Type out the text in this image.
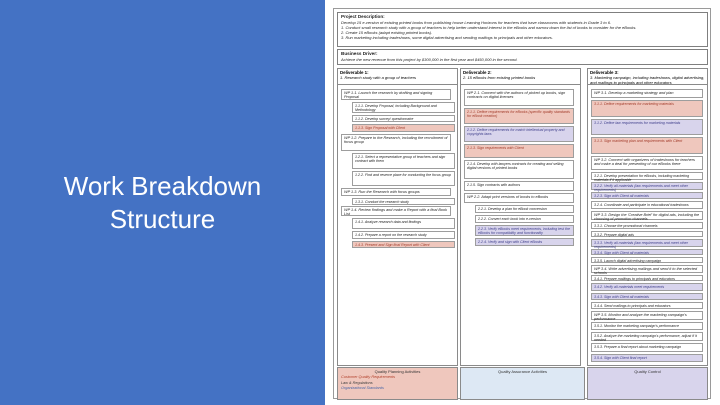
Work Breakdown
Structure
Project Description:
Develop 15 e-version of existing printed books from publishing house Learning Horizons for teachers that have classrooms with students in Grade 3 to 6.
1. Conduct small research study with a group of teachers to help better understand interest in the eBooks and narrow down the list of books to consider for the eBooks.
2. Create 15 eBooks (adapt existing printed books).
3. Run marketing including tradeshows, some digital advertising and sending mailings to principals and other educators.
Business Driver:
Achieve the new revenue from this project by $300,000 in the first year and $450,000 in the second.
Deliverable 1:
1. Research study with a group of teachers
WP 1.1. Launch the research by drafting and signing Proposal
1.1.1. Develop Proposal, including Background and Methodology
1.1.2. Develop survey/ questionnaire
1.1.3. Sign Proposal with Client
WP 1.2. Prepare to the Research, including the recruitment of focus group
1.2.1. Select a representative group of teachers and sign contract with them
1.2.2. Find and reserve place for conducting the focus group
WP 1.3. Run the Research with focus groups
1.3.1. Conduct the research study
WP 1.4. Review findings and make a Report with a final Book List
1.4.1. Analyze research data and findings
1.4.2. Prepare a report on the research study
1.4.3. Present and Sign final Report with Client
Deliverable 2:
2. 15 eBooks from existing printed books
WP 2.1. Connect with the authors of picked up books, sign contracts on digital licenses
2.1.1. Define requirements for eBooks (specific quality standards for eBook creation)
2.1.2. Define requirements for match intellectual property and copyrights laws
2.1.3. Sign requirements with Client
2.1.4. Develop with lawyers contracts for creating and selling digital versions of printed books
2.1.5. Sign contracts with authors
WP 2.2. Adapt print versions of books to eBooks
2.2.1. Develop a plan for eBook conversion
2.2.2. Convert each book into e-version
2.2.3. Verify eBooks meet requirements, including test the eBooks for compatibility and functionality
2.2.4. Verify and sign with Client eBooks
Deliverable 3:
3. Marketing campaign, including tradeshows, digital advertising, and mailings to principals and other educators
WP 3.1. Develop a marketing strategy and plan
3.1.1. Define requirements for marketing materials
3.1.2. Define law requirements for marketing materials
3.1.3. Sign marketing plan and requirements with Client
WP 3.2. Connect with organizers of tradeshows for teachers and make a deal for presenting of our eBooks there
3.2.1. Develop presentation for eBooks, including marketing materials if it applicable
3.2.2. Verify all materials (law requirements and meet other requirements)
3.2.3. Sign with Client all materials
3.2.4. Coordinate and participate in educational tradeshows
WP 3.3. Design the 'Creative Brief' for digital ads, including the choosing of promotion channels
3.3.1. Choose the promotional channels
3.3.2. Prepare digital ads
3.3.3. Verify all materials (law requirements and meet other requirements)
3.3.4. Sign with Client all materials
3.3.5. Launch digital advertising campaign
WP 3.4. Write advertising mailings and send it to the selected schools
3.4.1. Prepare mailings to principals and educators
3.4.2. Verify all materials meet requirements
3.4.3. Sign with Client all materials
3.4.4. Send mailings to principals and educators
WP 3.5. Monitor and analyze the marketing campaign's performance
3.5.1. Monitor the marketing campaign's performance
3.5.2. Analyze the marketing campaign's performance, adjust if it needed
3.5.3. Prepare a final report about marketing campaign
3.5.4. Sign with Client final report
Quality Planning Activities
Customer Quality Requirements
Law & Regulations
Organizational Standards
Quality Assurance Activities	Quality Control
